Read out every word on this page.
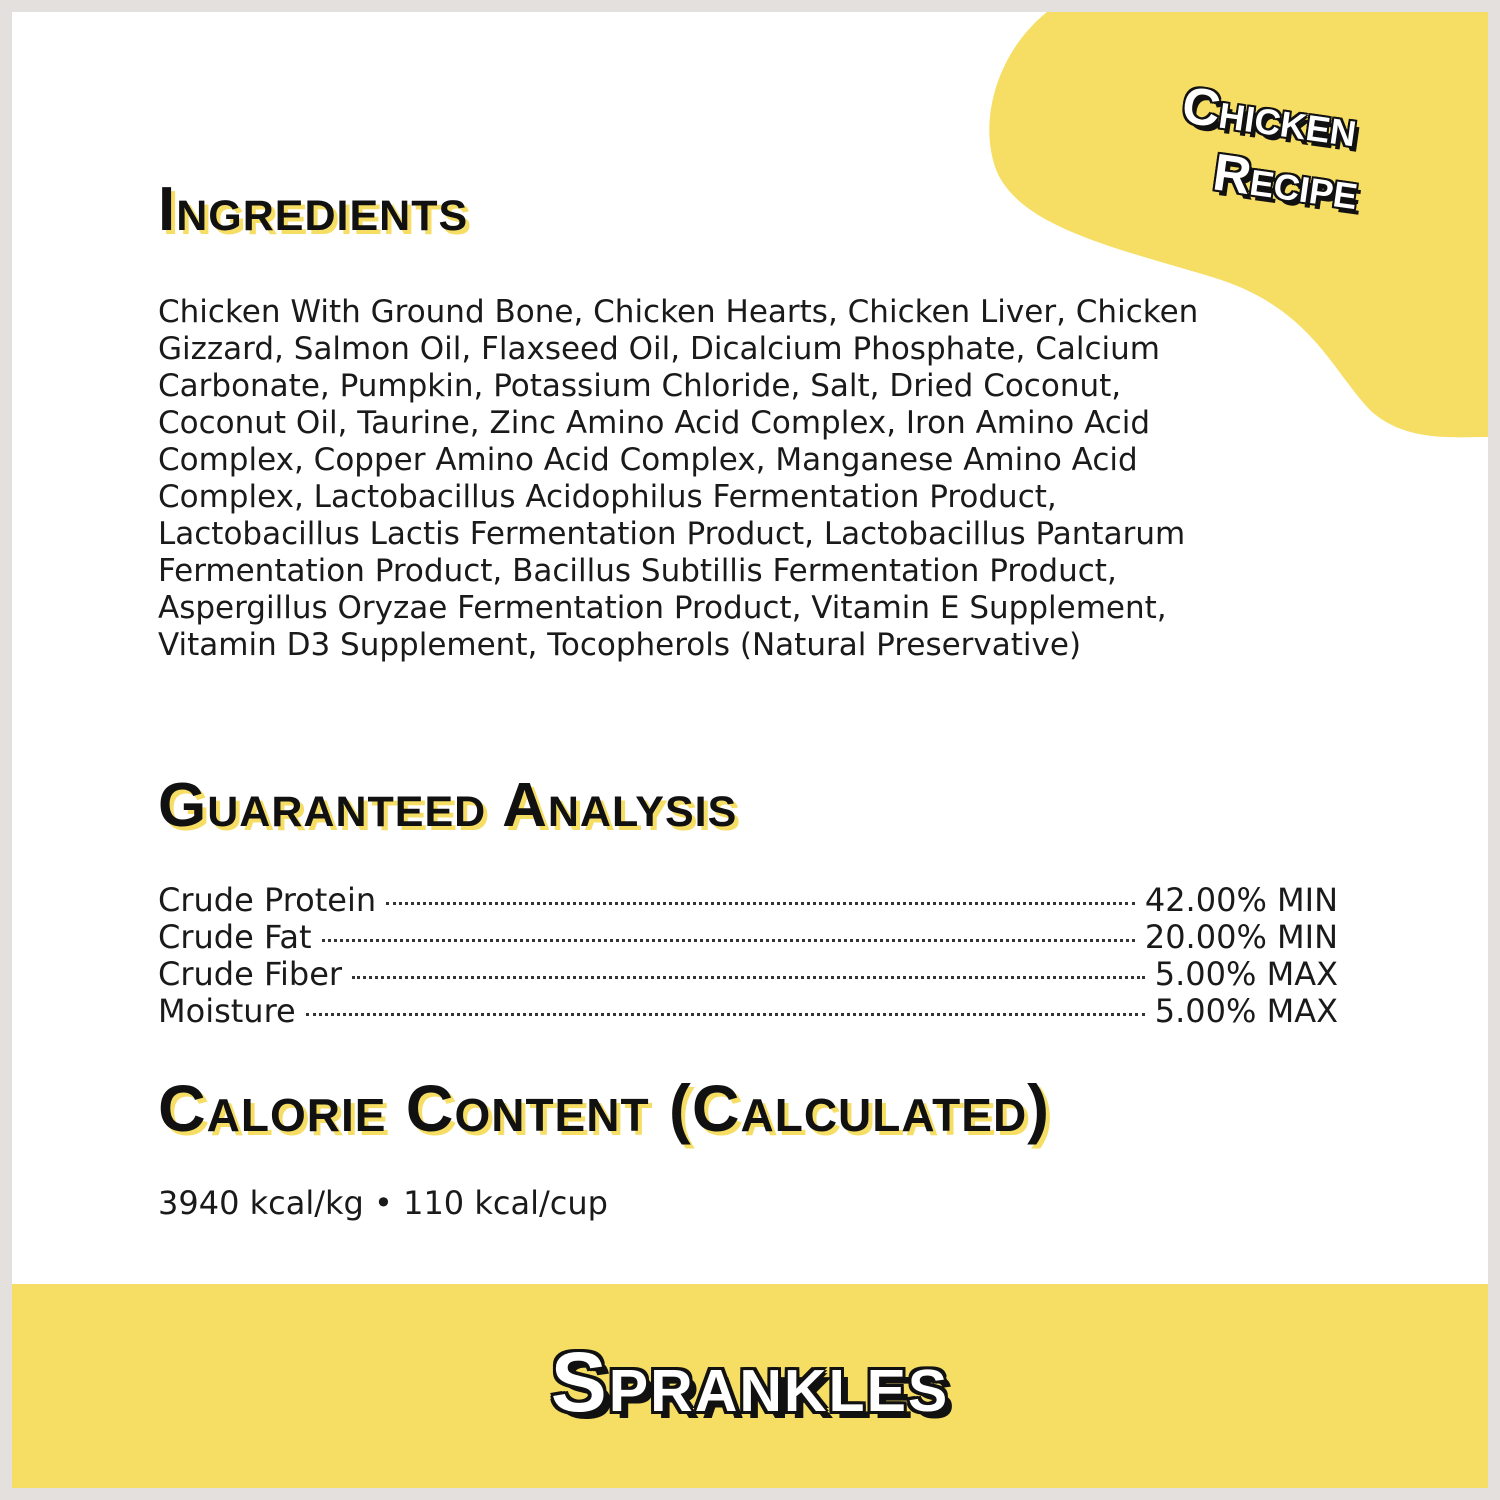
Chicken
Recipe
Ingredients

Chicken With Ground Bone, Chicken Hearts, Chicken Liver, Chicken Gizzard, Salmon Oil, Flaxseed Oil, Dicalcium Phosphate, Calcium Carbonate, Pumpkin, Potassium Chloride, Salt, Dried Coconut, Coconut Oil, Taurine, Zinc Amino Acid Complex, Iron Amino Acid Complex, Copper Amino Acid Complex, Manganese Amino Acid Complex, Lactobacillus Acidophilus Fermentation Product, Lactobacillus Lactis Fermentation Product, Lactobacillus Pantarum Fermentation Product, Bacillus Subtillis Fermentation Product, Aspergillus Oryzae Fermentation Product, Vitamin E Supplement, Vitamin D3 Supplement, Tocopherols (Natural Preservative)

Guaranteed Analysis
Crude Protein	42.00% MIN
Crude Fat	20.00% MIN
Crude Fiber	5.00% MAX
Moisture	5.00% MAX
Calorie Content (Calculated)

3940 kcal/kg • 110 kcal/cup

Sprankles
